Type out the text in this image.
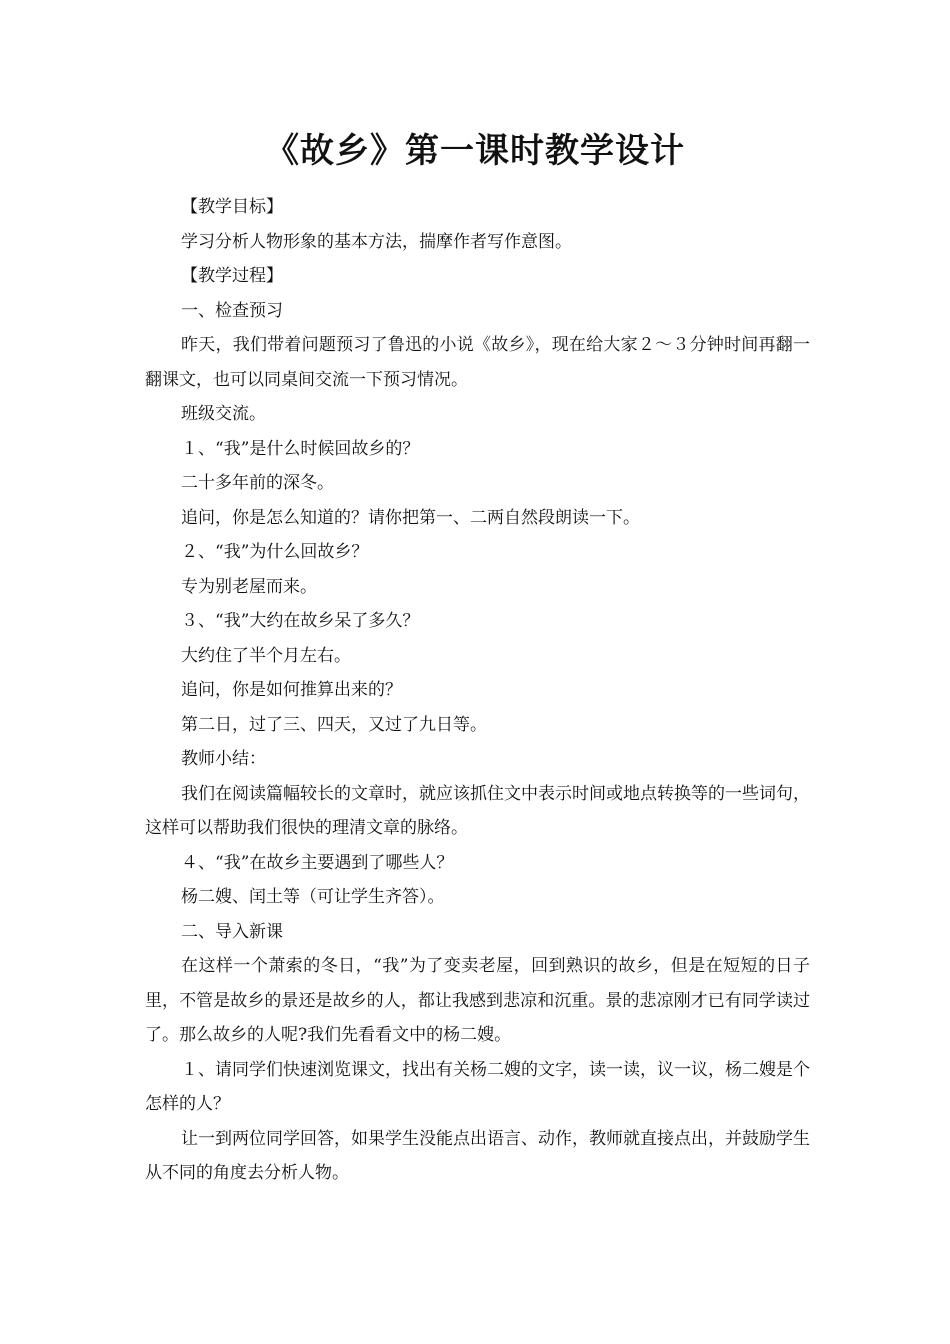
《故乡》第一课时教学设计

【教学目标】

学习分析人物形象的基本方法，揣摩作者写作意图。

【教学过程】

一、检查预习

昨天，我们带着问题预习了鲁迅的小说《故乡》，现在给大家２～３分钟时间再翻一翻课文，也可以同桌间交流一下预习情况。

班级交流。

１、“我”是什么时候回故乡的？

二十多年前的深冬。

追问，你是怎么知道的？请你把第一、二两自然段朗读一下。

２、“我”为什么回故乡？

专为别老屋而来。

３、“我”大约在故乡呆了多久？

大约住了半个月左右。

追问，你是如何推算出来的？

第二日，过了三、四天，又过了九日等。

教师小结：

我们在阅读篇幅较长的文章时，就应该抓住文中表示时间或地点转换等的一些词句，这样可以帮助我们很快的理清文章的脉络。

４、“我”在故乡主要遇到了哪些人？

杨二嫂、闰土等（可让学生齐答）。

二、导入新课

在这样一个萧索的冬日，“我”为了变卖老屋，回到熟识的故乡，但是在短短的日子里，不管是故乡的景还是故乡的人，都让我感到悲凉和沉重。景的悲凉刚才已有同学读过了。那么故乡的人呢?我们先看看文中的杨二嫂。

１、请同学们快速浏览课文，找出有关杨二嫂的文字，读一读，议一议，杨二嫂是个怎样的人？

让一到两位同学回答，如果学生没能点出语言、动作，教师就直接点出，并鼓励学生从不同的角度去分析人物。
